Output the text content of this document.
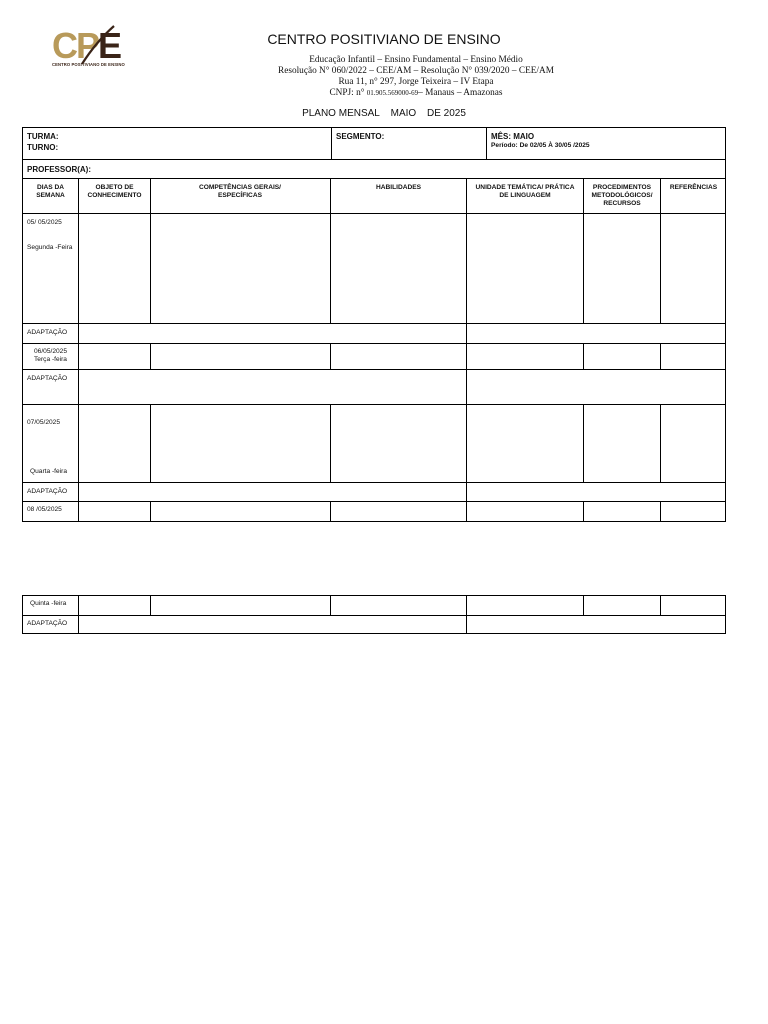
C
P
E
CENTRO POSITIVIANO DE ENSINO
CENTRO POSITIVIANO DE ENSINO
Educação Infantil – Ensino Fundamental – Ensino Médio
Resolução N° 060/2022 – CEE/AM – Resolução N° 039/2020 – CEE/AM
Rua 11, n° 297, Jorge Teixeira – IV Etapa
CNPJ: n° 01.905.569000-69– Manaus – Amazonas
PLANO MENSAL MAIO DE 2025
TURMA:
TURNO:
SEGMENTO:	MÊS: MAIO
Período: De 02/05 À 30/05 /2025
PROFESSOR(A):
DIAS DA SEMANA
OBJETO DE CONHECIMENTO
COMPETÊNCIAS GERAIS/ ESPECÍFICAS
HABILIDADES	UNIDADE TEMÁTICA/ PRÁTICA DE LINGUAGEM
PROCEDIMENTOS METODOLÓGICOS/ RECURSOS
REFERÊNCIAS
05/ 05/2025
Segunda -Feira
ADAPTAÇÃO
06/05/2025
Terça -feira
ADAPTAÇÃO
07/05/2025
Quarta -feira
ADAPTAÇÃO
08 /05/2025
Quinta -feira
ADAPTAÇÃO
